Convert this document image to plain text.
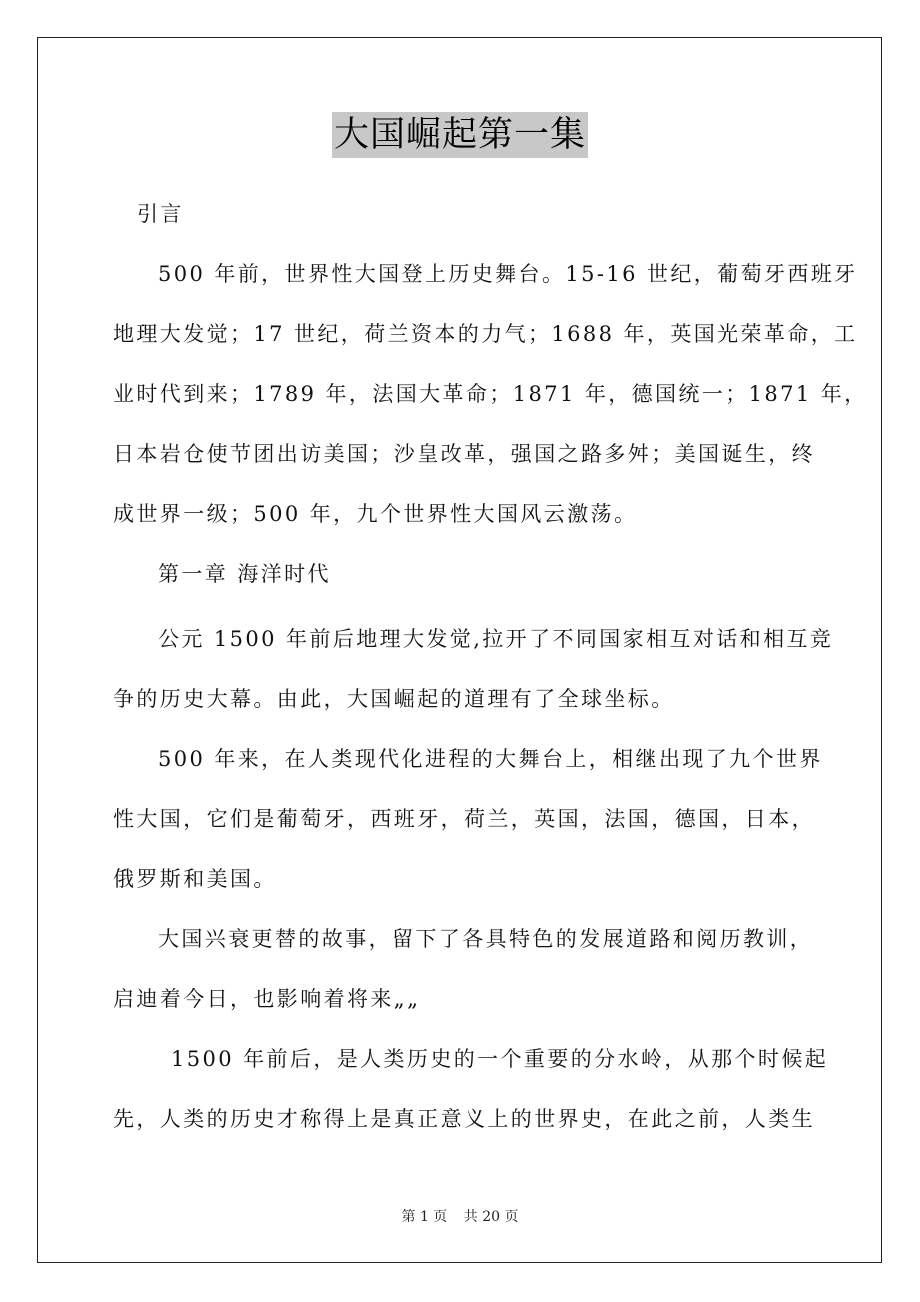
大国崛起第一集
引言
500 年前，世界性大国登上历史舞台。15-16 世纪，葡萄牙西班牙
地理大发觉；17 世纪，荷兰资本的力气；1688 年，英国光荣革命，工
业时代到来；1789 年，法国大革命；1871 年，德国统一；1871 年，
日本岩仓使节团出访美国；沙皇改革，强国之路多舛；美国诞生，终
成世界一级；500 年，九个世界性大国风云激荡。
第一章 海洋时代
公元 1500 年前后地理大发觉,拉开了不同国家相互对话和相互竞
争的历史大幕。由此，大国崛起的道理有了全球坐标。
500 年来，在人类现代化进程的大舞台上，相继出现了九个世界
性大国，它们是葡萄牙，西班牙，荷兰，英国，法国，德国，日本，
俄罗斯和美国。
大国兴衰更替的故事，留下了各具特色的发展道路和阅历教训，
启迪着今日，也影响着将来„„
1500 年前后，是人类历史的一个重要的分水岭，从那个时候起
先，人类的历史才称得上是真正意义上的世界史，在此之前，人类生
第 1 页 共 20 页
